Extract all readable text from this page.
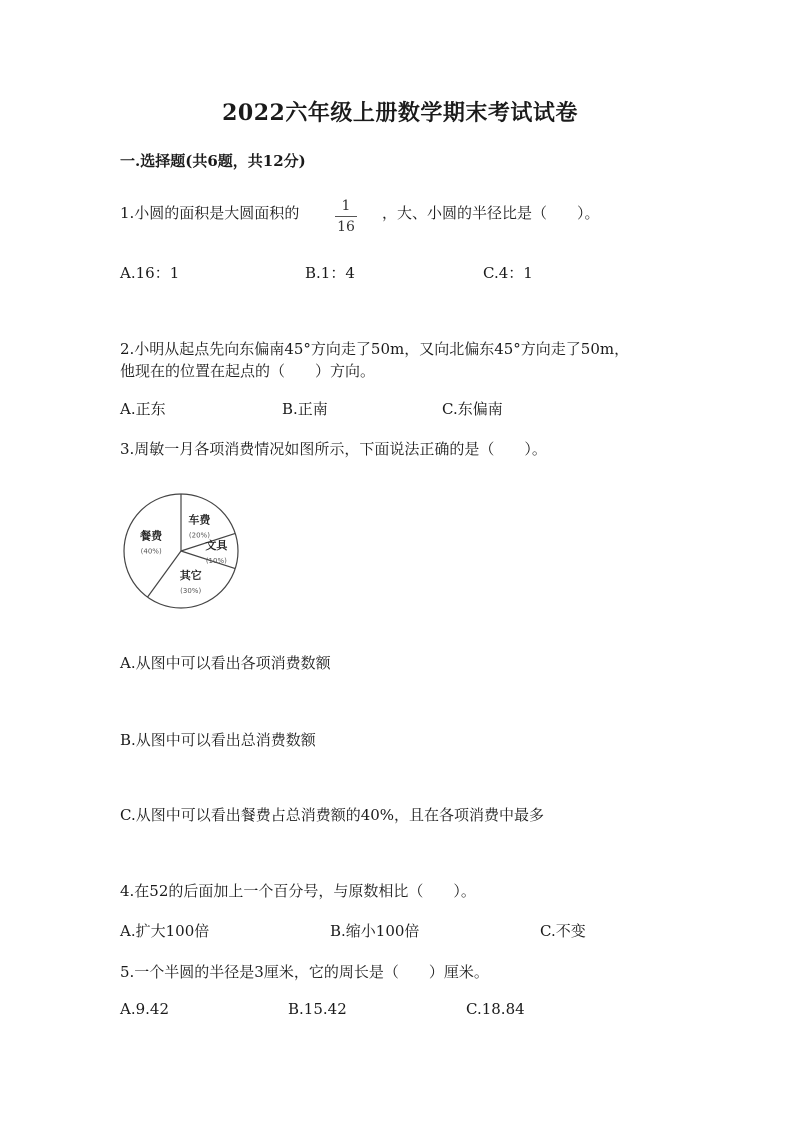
2022六年级上册数学期末考试试卷
一.选择题(共6题，共12分)
1.小圆的面积是大圆面积的	1
16
，大、小圆的半径比是（　　）。
A.16：1	B.1：4	C.4：1
2.小明从起点先向东偏南45°方向走了50m，又向北偏东45°方向走了50m，
他现在的位置在起点的（　　）方向。
A.正东	B.正南	C.东偏南
3.周敏一月各项消费情况如图所示，下面说法正确的是（　　）。
车费
(20%)
文具
(10%)
其它
(30%)
餐费
(40%)
A.从图中可以看出各项消费数额
B.从图中可以看出总消费数额
C.从图中可以看出餐费占总消费额的40%，且在各项消费中最多
4.在52的后面加上一个百分号，与原数相比（　　）。
A.扩大100倍	B.缩小100倍	C.不变
5.一个半圆的半径是3厘米，它的周长是（　　）厘米。
A.9.42	B.15.42	C.18.84
